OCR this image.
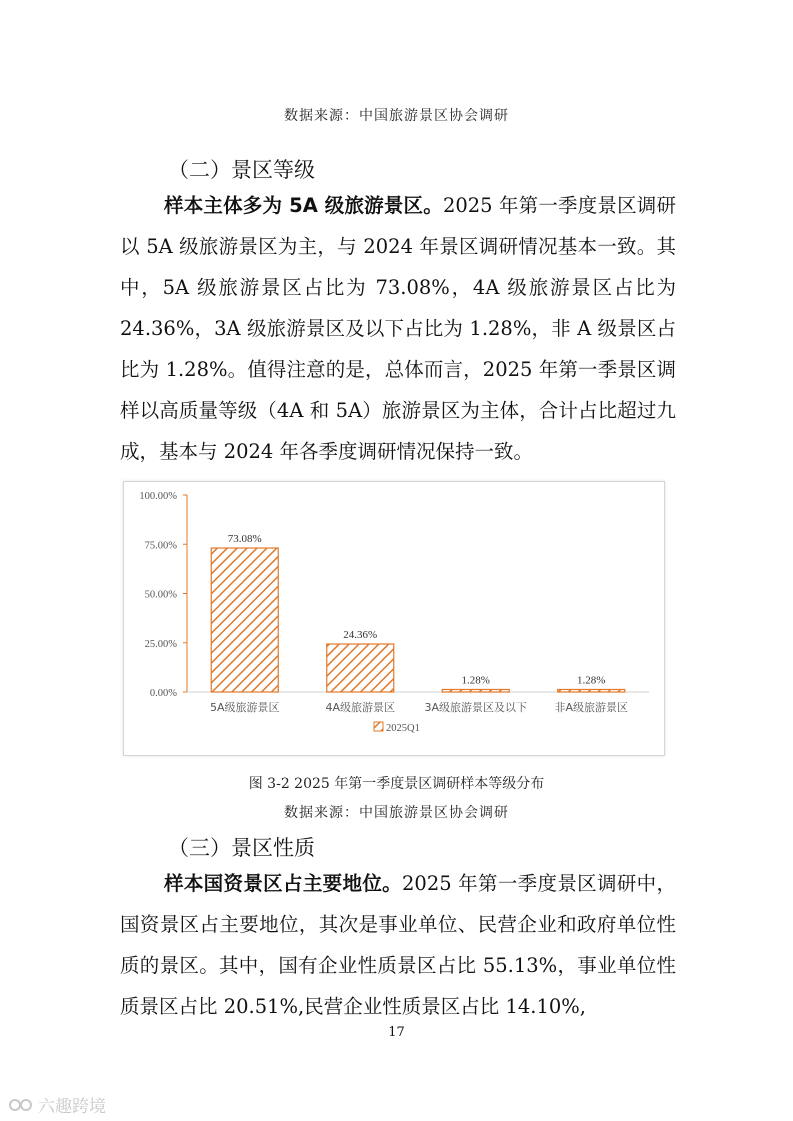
数据来源：中国旅游景区协会调研
（二）景区等级

样本主体多为 5A 级旅游景区。2025 年第一季度景区调研以 5A 级旅游景区为主，与 2024 年景区调研情况基本一致。其中，5A 级旅游景区占比为 73.08%，4A 级旅游景区占比为 24.36%，3A 级旅游景区及以下占比为 1.28%，非 A 级景区占比为 1.28%。值得注意的是，总体而言，2025 年第一季景区调样以高质量等级（4A 和 5A）旅游景区为主体，合计占比超过九成，基本与 2024 年各季度调研情况保持一致。

0.00%
25.00%
50.00%
75.00%
100.00%
73.08%
24.36%
1.28%	1.28%
5A级旅游景区	4A级旅游景区	3A级旅游景区及以下 非A级旅游景区
2025Q1
图 3-2 2025 年第一季度景区调研样本等级分布
数据来源：中国旅游景区协会调研
（三）景区性质

样本国资景区占主要地位。2025 年第一季度景区调研中，国资景区占主要地位，其次是事业单位、民营企业和政府单位性质的景区。其中，国有企业性质景区占比 55.13%，事业单位性质景区占比 20.51%,民营企业性质景区占比 14.10%,

17
六趣跨境
